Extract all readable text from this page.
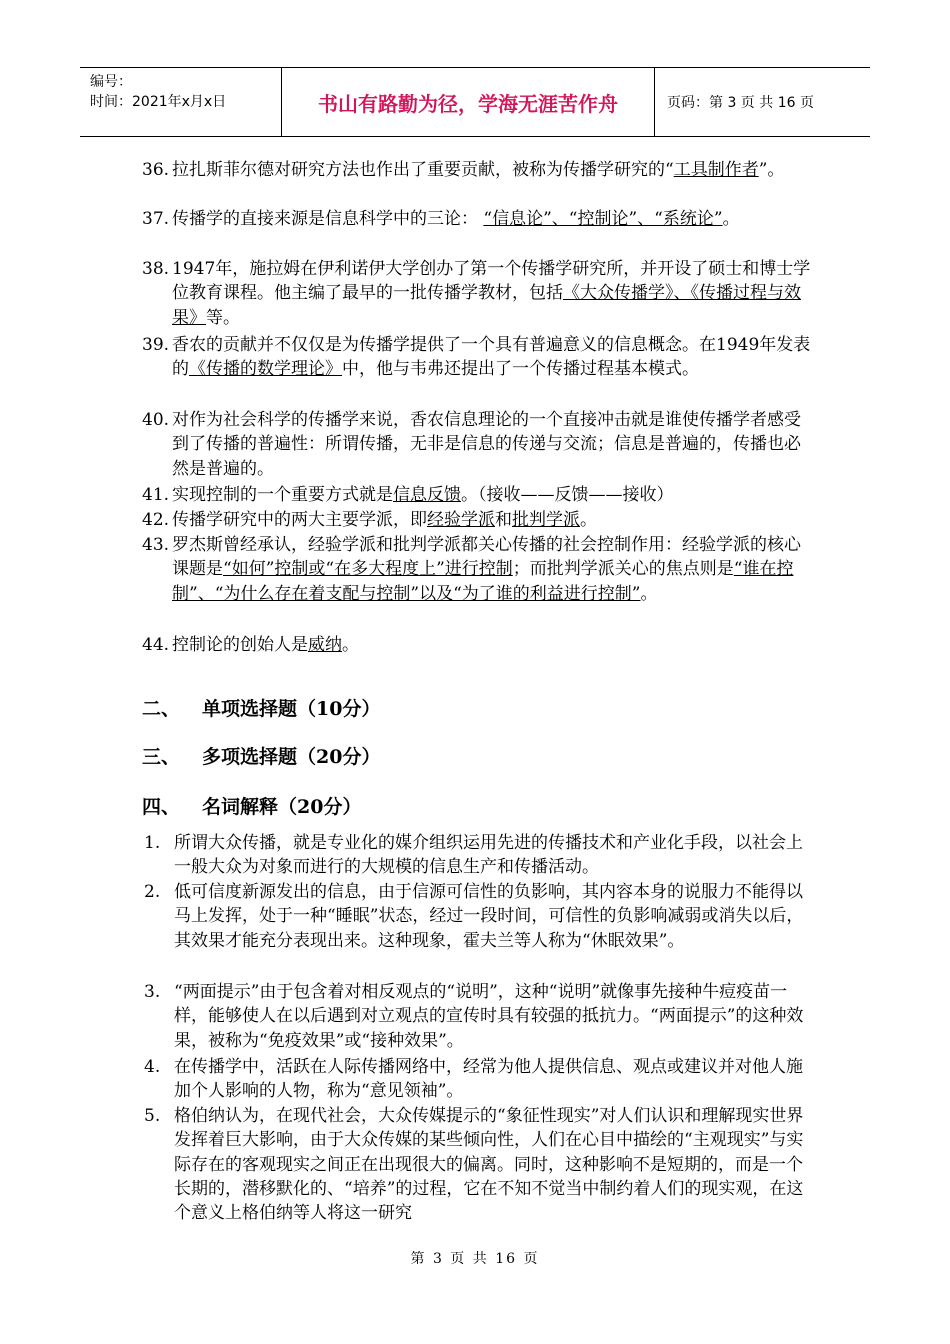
编号：
时间：2021年x月x日	书山有路勤为径，学海无涯苦作舟	页码：第 3 页 共 16 页
36. 拉扎斯菲尔德对研究方法也作出了重要贡献，被称为传播学研究的“工具制作者”。
37. 传播学的直接来源是信息科学中的三论： “信息论”、“控制论”、“系统论”。
38. 1947年，施拉姆在伊利诺伊大学创办了第一个传播学研究所，并开设了硕士和博士学位教育课程。他主编了最早的一批传播学教材，包括《大众传播学》、《传播过程与效果》等。
39. 香农的贡献并不仅仅是为传播学提供了一个具有普遍意义的信息概念。在1949年发表的《传播的数学理论》中，他与韦弗还提出了一个传播过程基本模式。
40. 对作为社会科学的传播学来说，香农信息理论的一个直接冲击就是谁使传播学者感受到了传播的普遍性：所谓传播，无非是信息的传递与交流；信息是普遍的，传播也必然是普遍的。
41. 实现控制的一个重要方式就是信息反馈。（接收——反馈——接收）
42. 传播学研究中的两大主要学派，即经验学派和批判学派。
43. 罗杰斯曾经承认，经验学派和批判学派都关心传播的社会控制作用：经验学派的核心课题是“如何”控制或“在多大程度上”进行控制；而批判学派关心的焦点则是“谁在控制”、“为什么存在着支配与控制”以及“为了谁的利益进行控制”。
44. 控制论的创始人是威纳。
二、 单项选择题（10分）
三、 多项选择题（20分）
四、 名词解释（20分）
1. 所谓大众传播，就是专业化的媒介组织运用先进的传播技术和产业化手段，以社会上一般大众为对象而进行的大规模的信息生产和传播活动。
2. 低可信度新源发出的信息，由于信源可信性的负影响，其内容本身的说服力不能得以马上发挥，处于一种“睡眠”状态，经过一段时间，可信性的负影响减弱或消失以后，其效果才能充分表现出来。这种现象，霍夫兰等人称为“休眠效果”。
3. “两面提示”由于包含着对相反观点的“说明”，这种“说明”就像事先接种牛痘疫苗一样，能够使人在以后遇到对立观点的宣传时具有较强的抵抗力。“两面提示”的这种效果，被称为“免疫效果”或“接种效果”。
4. 在传播学中，活跃在人际传播网络中，经常为他人提供信息、观点或建议并对他人施加个人影响的人物，称为“意见领袖”。
5. 格伯纳认为，在现代社会，大众传媒提示的“象征性现实”对人们认识和理解现实世界发挥着巨大影响，由于大众传媒的某些倾向性，人们在心目中描绘的“主观现实”与实际存在的客观现实之间正在出现很大的偏离。同时，这种影响不是短期的，而是一个长期的，潜移默化的、“培养”的过程，它在不知不觉当中制约着人们的现实观，在这个意义上格伯纳等人将这一研究
第 3 页 共 16 页
